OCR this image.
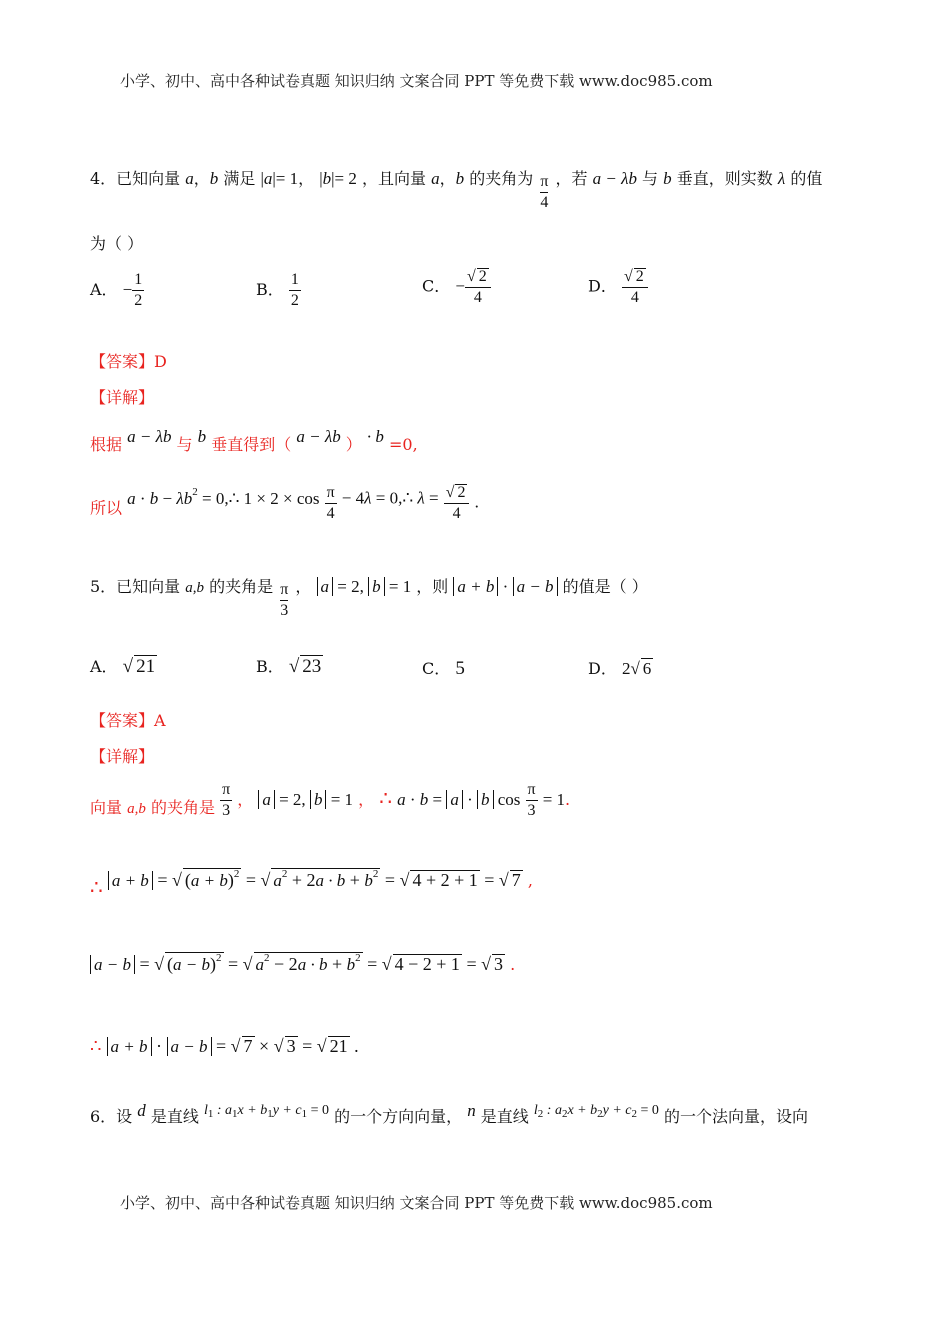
小学、初中、高中各种试卷真题 知识归纳 文案合同 PPT 等免费下载 www.doc985.com
4．已知向量 a，b 满足 |a|= 1， |b|= 2 ，且向量 a，b 的夹角为 $\frac{\pi}{4}$ ，若 a − λb 与 b 垂直，则实数 λ 的值
为（ ）
A． − $\frac{1}{2}$	B． $\frac{1}{2}$	C． − $\frac{√ 2}{4}$	D． $\frac{√ 2}{4}$
【答案】D
【详解】
根据 a − λb 与 b 垂直得到（ a − λb ） · b =0,
所以 $a \cdot b - \lambda b^2$ = 0,∴ $1 \times 2 \times \cos \frac{\pi}{4} - 4\lambda$ = 0,∴ $\lambda = \frac{√ 2}{4}$ .
5．已知向量 a,b 的夹角是 $\frac{\pi}{3}$ ， a = 2, b = 1 ，则 a + b · a − b 的值是（ ）
A． √ 21	B． √ 23	C． 5	D． 2√ 6
【答案】A
【详解】
向量 a,b 的夹角是 $\frac{\pi}{3}$ ， a = 2, b = 1 ， ∴ a · b = a · b $\cos \frac{\pi}{3} = 1$.
∴ a + b = √ $(a + b)^2$ = √ $a^2 + 2a \cdot b + b^2$ = √ 4 + 2 + 1 = √ 7 ,
a − b = √ $(a - b)^2$ = √ $a^2 - 2a \cdot b + b^2$ = √ 4 − 2 + 1 = √ 3 .
∴ a + b · a − b = √ 7 × √ 3 = √ 21 .
6．设 d 是直线 $l_1$ : $a_1x + b_1y + c_1 = 0$ 的一个方向向量， n 是直线 $l_2$ : $a_2x + b_2y + c_2 = 0$ 的一个法向量，设向
小学、初中、高中各种试卷真题 知识归纳 文案合同 PPT 等免费下载 www.doc985.com
